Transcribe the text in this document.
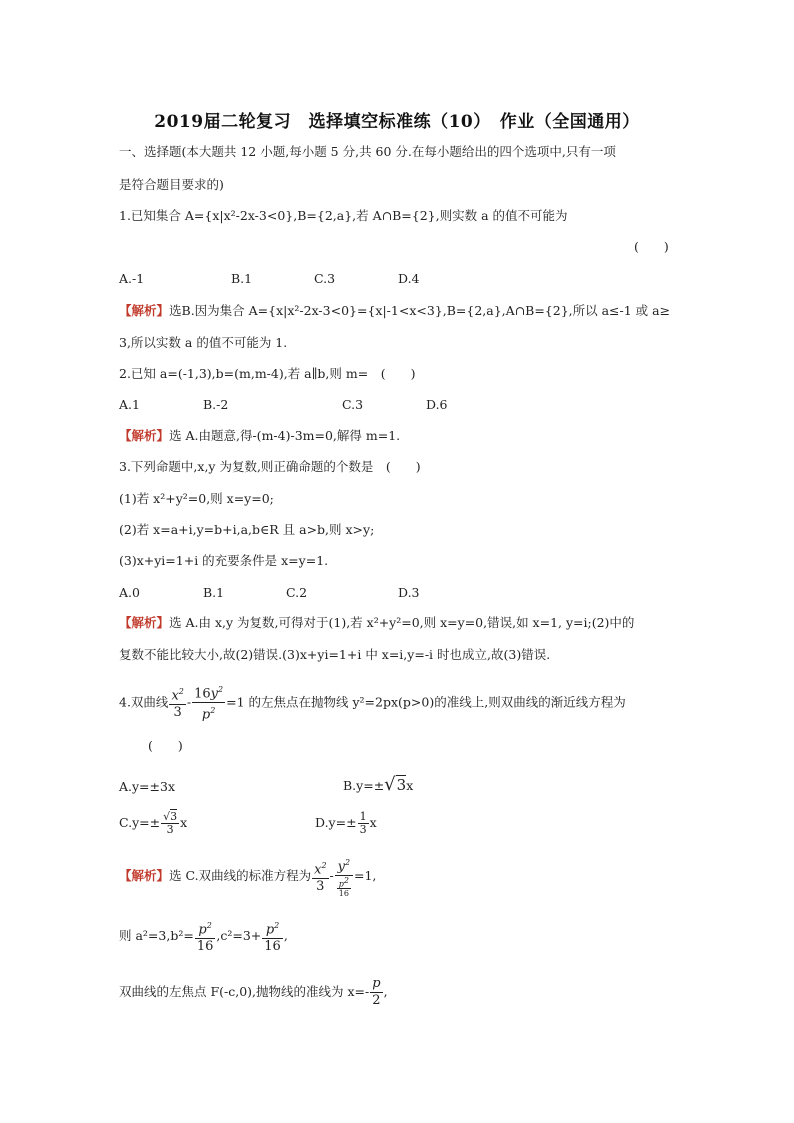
2019届二轮复习　选择填空标准练（10）　作业（全国通用）
一、选择题(本大题共 12 小题,每小题 5 分,共 60 分.在每小题给出的四个选项中,只有一项
是符合题目要求的)
1.已知集合 A={x|x²-2x-3<0},B={2,a},若 A∩B={2},则实数 a 的值不可能为
(　　)
A.-1	B.1	C.3	D.4
【解析】选B.因为集合 A={x|x²-2x-3<0}={x|-1<x<3},B={2,a},A∩B={2},所以 a≤-1 或 a≥
3,所以实数 a 的值不可能为 1.
2.已知 a=(-1,3),b=(m,m-4),若 a∥b,则 m=　(　　)
A.1	B.-2	C.3	D.6
【解析】选 A.由题意,得-(m-4)-3m=0,解得 m=1.
3.下列命题中,x,y 为复数,则正确命题的个数是　(　　)
(1)若 x²+y²=0,则 x=y=0;
(2)若 x=a+i,y=b+i,a,b∈R 且 a>b,则 x>y;
(3)x+yi=1+i 的充要条件是 x=y=1.
A.0	B.1	C.2	D.3
【解析】选 A.由 x,y 为复数,可得对于(1),若 x²+y²=0,则 x=y=0,错误,如 x=1, y=i;(2)中的
复数不能比较大小,故(2)错误.(3)x+yi=1+i 中 x=i,y=-i 时也成立,故(3)错误.
4.双曲线 $\frac{x^2}{3} - \frac{16y^2}{p^2} =1$ 的左焦点在抛物线 y²=2px(p>0)的准线上,则双曲线的渐近线方程为
(　　)
A.y=±3x	B.y=±√3x
$C.y=\pm \frac{√3}{3}$ x	$D.y=\pm \frac{1}{3}$ x
【解析】选 C.双曲线的标准方程为 $\frac{x^2}{3} - \frac{y^2}{\frac{p^2}{16}} =1$,
则 $a^2=3,b^2= \frac{p^2}{16} ,c^2=3+ \frac{p^2}{16}$ ,
双曲线的左焦点 F(-c,0),抛物线的准线为 $x=- \frac{p}{2}$ ,
